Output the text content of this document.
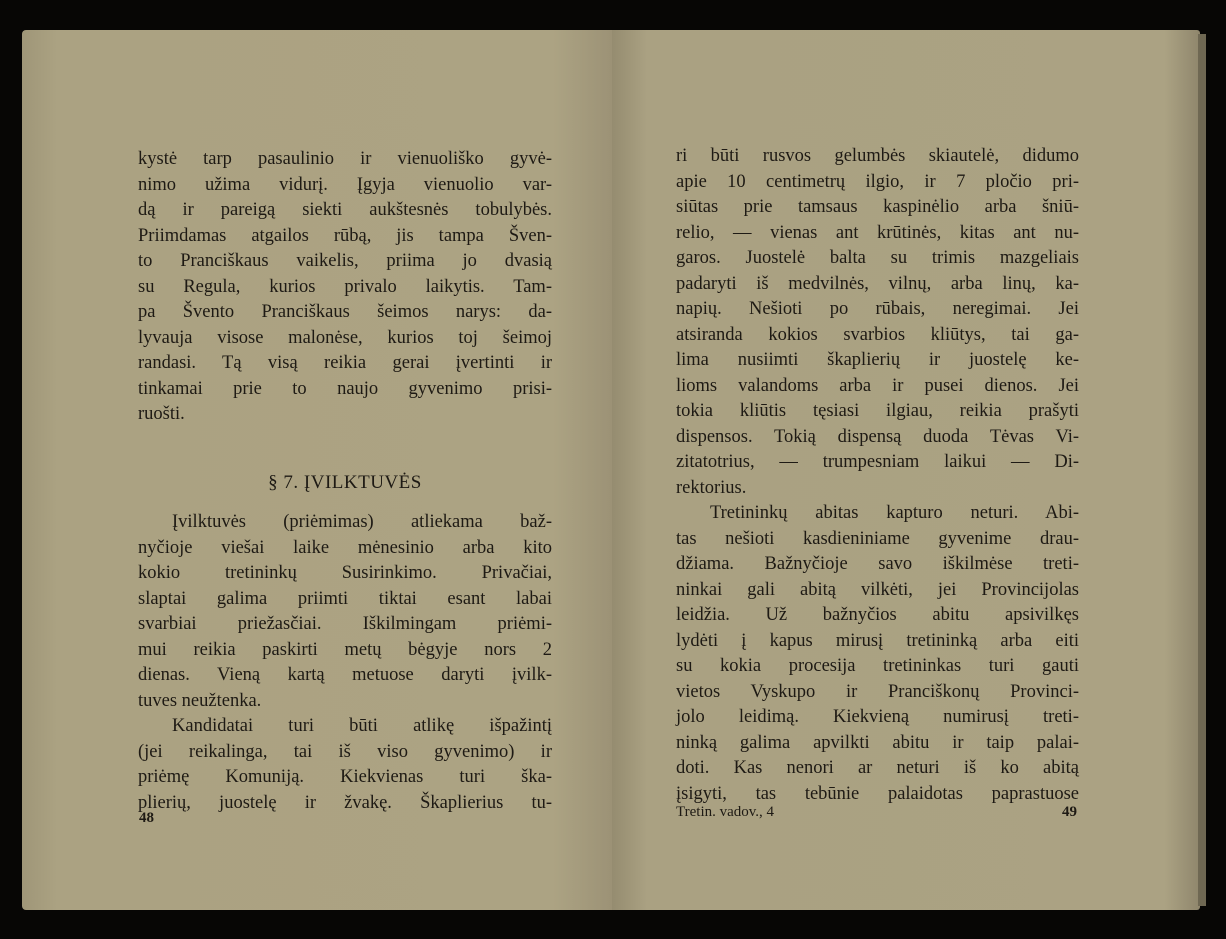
kystė tarp pasaulinio ir vienuoliško gyvė-
nimo užima vidurį. Įgyja vienuolio var-
dą ir pareigą siekti aukštesnės tobulybės.
Priimdamas atgailos rūbą, jis tampa Šven-
to Pranciškaus vaikelis, priima jo dvasią
su Regula, kurios privalo laikytis. Tam-
pa Švento Pranciškaus šeimos narys: da-
lyvauja visose malonėse, kurios toj šeimoj
randasi. Tą visą reikia gerai įvertinti ir
tinkamai prie to naujo gyvenimo prisi-
ruošti.
§ 7. ĮVILKTUVĖS
Įvilktuvės (priėmimas) atliekama baž-
nyčioje viešai laike mėnesinio arba kito
kokio tretininkų Susirinkimo. Privačiai,
slaptai galima priimti tiktai esant labai
svarbiai priežasčiai. Iškilmingam priėmi-
mui reikia paskirti metų bėgyje nors 2
dienas. Vieną kartą metuose daryti įvilk-
tuves neužtenka.
Kandidatai turi būti atlikę išpažintį
(jei reikalinga, tai iš viso gyvenimo) ir
priėmę Komuniją. Kiekvienas turi ška-
plierių, juostelę ir žvakę. Škaplierius tu-
48
ri būti rusvos gelumbės skiautelė, didumo
apie 10 centimetrų ilgio, ir 7 pločio pri-
siūtas prie tamsaus kaspinėlio arba šniū-
relio, — vienas ant krūtinės, kitas ant nu-
garos. Juostelė balta su trimis mazgeliais
padaryti iš medvilnės, vilnų, arba linų, ka-
napių. Nešioti po rūbais, neregimai. Jei
atsiranda kokios svarbios kliūtys, tai ga-
lima nusiimti škaplierių ir juostelę ke-
lioms valandoms arba ir pusei dienos. Jei
tokia kliūtis tęsiasi ilgiau, reikia prašyti
dispensos. Tokią dispensą duoda Tėvas Vi-
zitatotrius, — trumpesniam laikui — Di-
rektorius.
Tretininkų abitas kapturo neturi. Abi-
tas nešioti kasdieniniame gyvenime drau-
džiama. Bažnyčioje savo iškilmėse treti-
ninkai gali abitą vilkėti, jei Provincijolas
leidžia. Už bažnyčios abitu apsivilkęs
lydėti į kapus mirusį tretininką arba eiti
su kokia procesija tretininkas turi gauti
vietos Vyskupo ir Pranciškonų Provinci-
jolo leidimą. Kiekvieną numirusį treti-
ninką galima apvilkti abitu ir taip palai-
doti. Kas nenori ar neturi iš ko abitą
įsigyti, tas tebūnie palaidotas paprastuose
Tretin. vadov., 4	49
